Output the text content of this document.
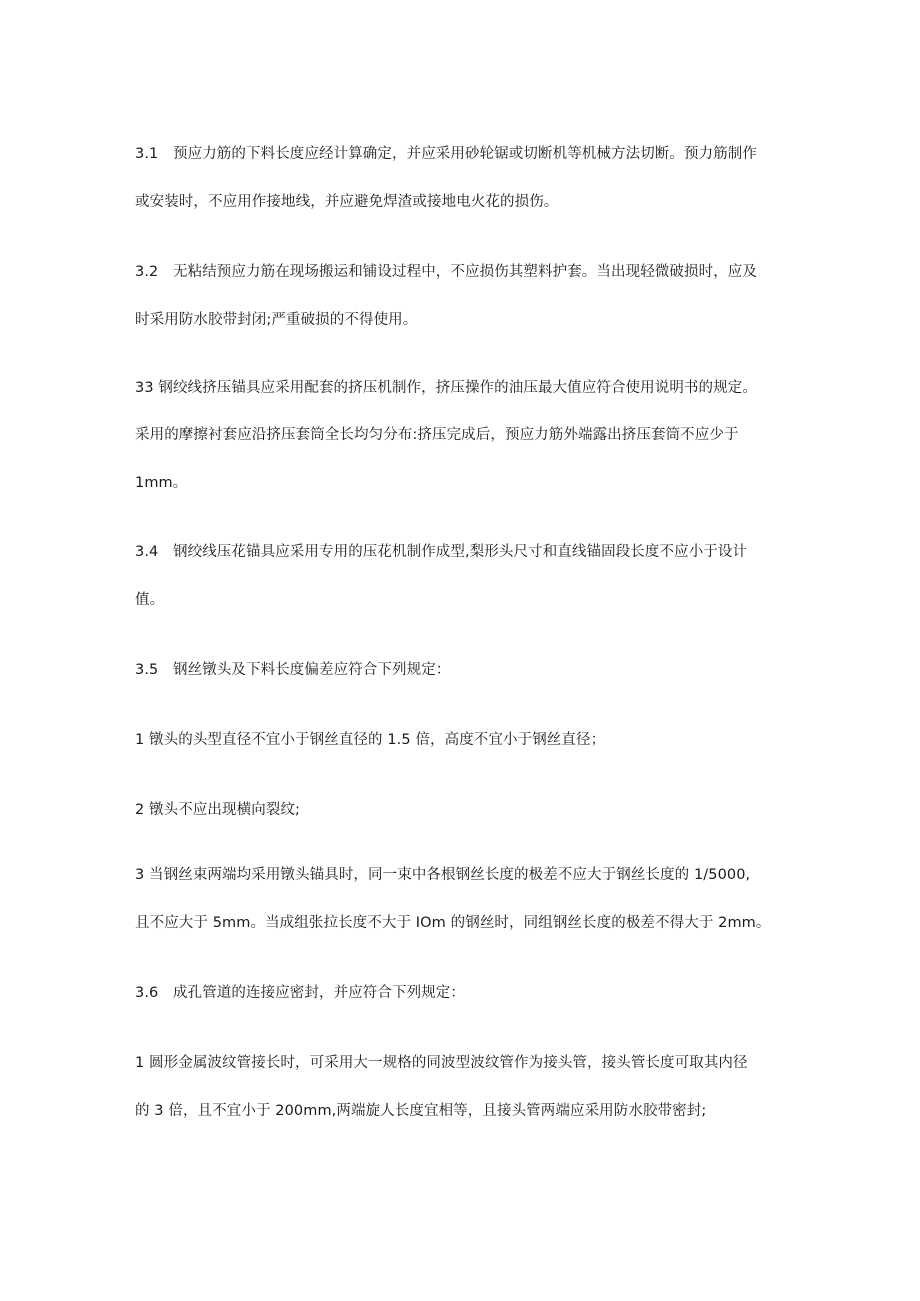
3.1 预应力筋的下料长度应经计算确定，并应采用砂轮锯或切断机等机械方法切断。预力筋制作
或安装时，不应用作接地线，并应避免焊渣或接地电火花的损伤。
3.2 无粘结预应力筋在现场搬运和铺设过程中，不应损伤其塑料护套。当出现轻微破损时，应及
时采用防水胶带封闭;严重破损的不得使用。
33 钢绞线挤压锚具应采用配套的挤压机制作，挤压操作的油压最大值应符合使用说明书的规定。
采用的摩擦衬套应沿挤压套筒全长均匀分布:挤压完成后，预应力筋外端露出挤压套筒不应少于
1mm。
3.4 钢绞线压花锚具应采用专用的压花机制作成型,梨形头尺寸和直线锚固段长度不应小于设计
值。
3.5 钢丝镦头及下料长度偏差应符合下列规定：
1 镦头的头型直径不宜小于钢丝直径的 1.5 倍，高度不宜小于钢丝直径；
2 镦头不应出现横向裂纹;
3 当钢丝束两端均采用镦头锚具时，同一束中各根钢丝长度的极差不应大于钢丝长度的 1/5000,
且不应大于 5mm。当成组张拉长度不大于 IOm 的钢丝时，同组钢丝长度的极差不得大于 2mm。
3.6 成孔管道的连接应密封，并应符合下列规定：
1 圆形金属波纹管接长时，可采用大一规格的同波型波纹管作为接头管，接头管长度可取其内径
的 3 倍，且不宜小于 200mm,两端旋人长度宜相等，且接头管两端应采用防水胶带密封;
